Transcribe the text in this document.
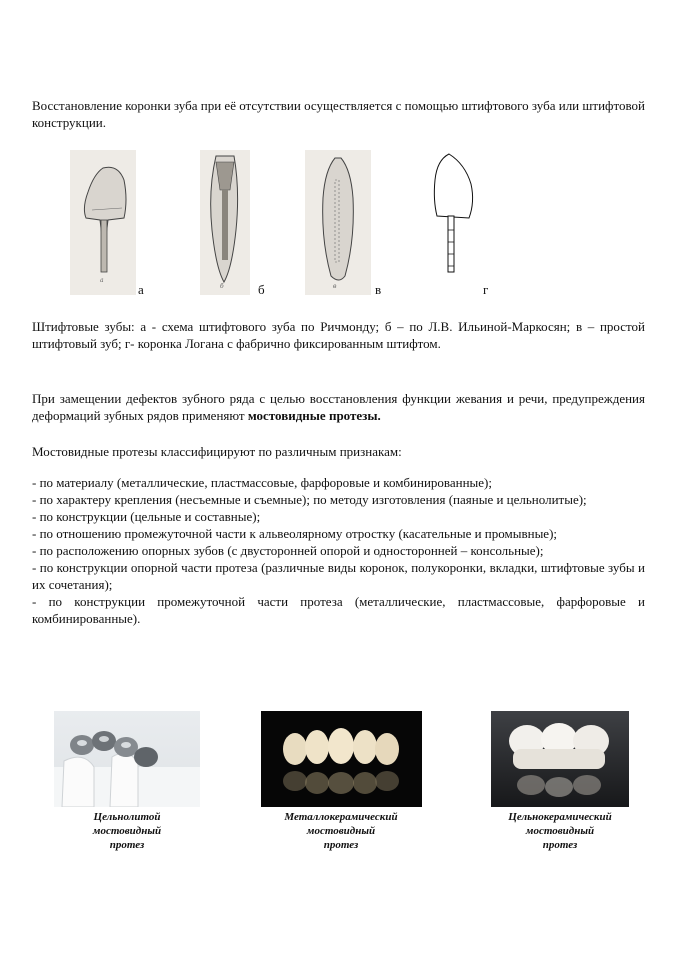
Восстановление коронки зуба при её отсутствии осуществляется с помощью штифтового зуба или штифтовой конструкции.

a
а	б	б	в	в	г

Штифтовые зубы: а - схема штифтового зуба по Ричмонду; б – по Л.В. Ильиной-Маркосян; в – простой штифтовый зуб; г- коронка Логана с фабрично фиксированным штифтом.

При замещении дефектов зубного ряда с целью восстановления функции жевания и речи, предупреждения деформаций зубных рядов применяют мостовидные протезы.

Мостовидные протезы классифицируют по различным признакам:

- по материалу (металлические, пластмассовые, фарфоровые и комбинированные);
- по характеру крепления (несъемные и съемные); по методу изготовления (паяные и цельнолитые);
- по конструкции (цельные и составные);
- по отношению промежуточной части к альвеолярному отростку (касательные и промывные);
- по расположению опорных зубов (с двусторонней опорой и односторонней – консольные);
- по конструкции опорной части протеза (различные виды коронок, полукоронки, вкладки, штифтовые зубы и их сочетания);
- по конструкции промежуточной части протеза (металлические, пластмассовые, фарфоровые и комбинированные).
Цельнолитой
мостовидный
протез
Металлокерамический
мостовидный
протез
Цельнокерамический
мостовидный
протез
